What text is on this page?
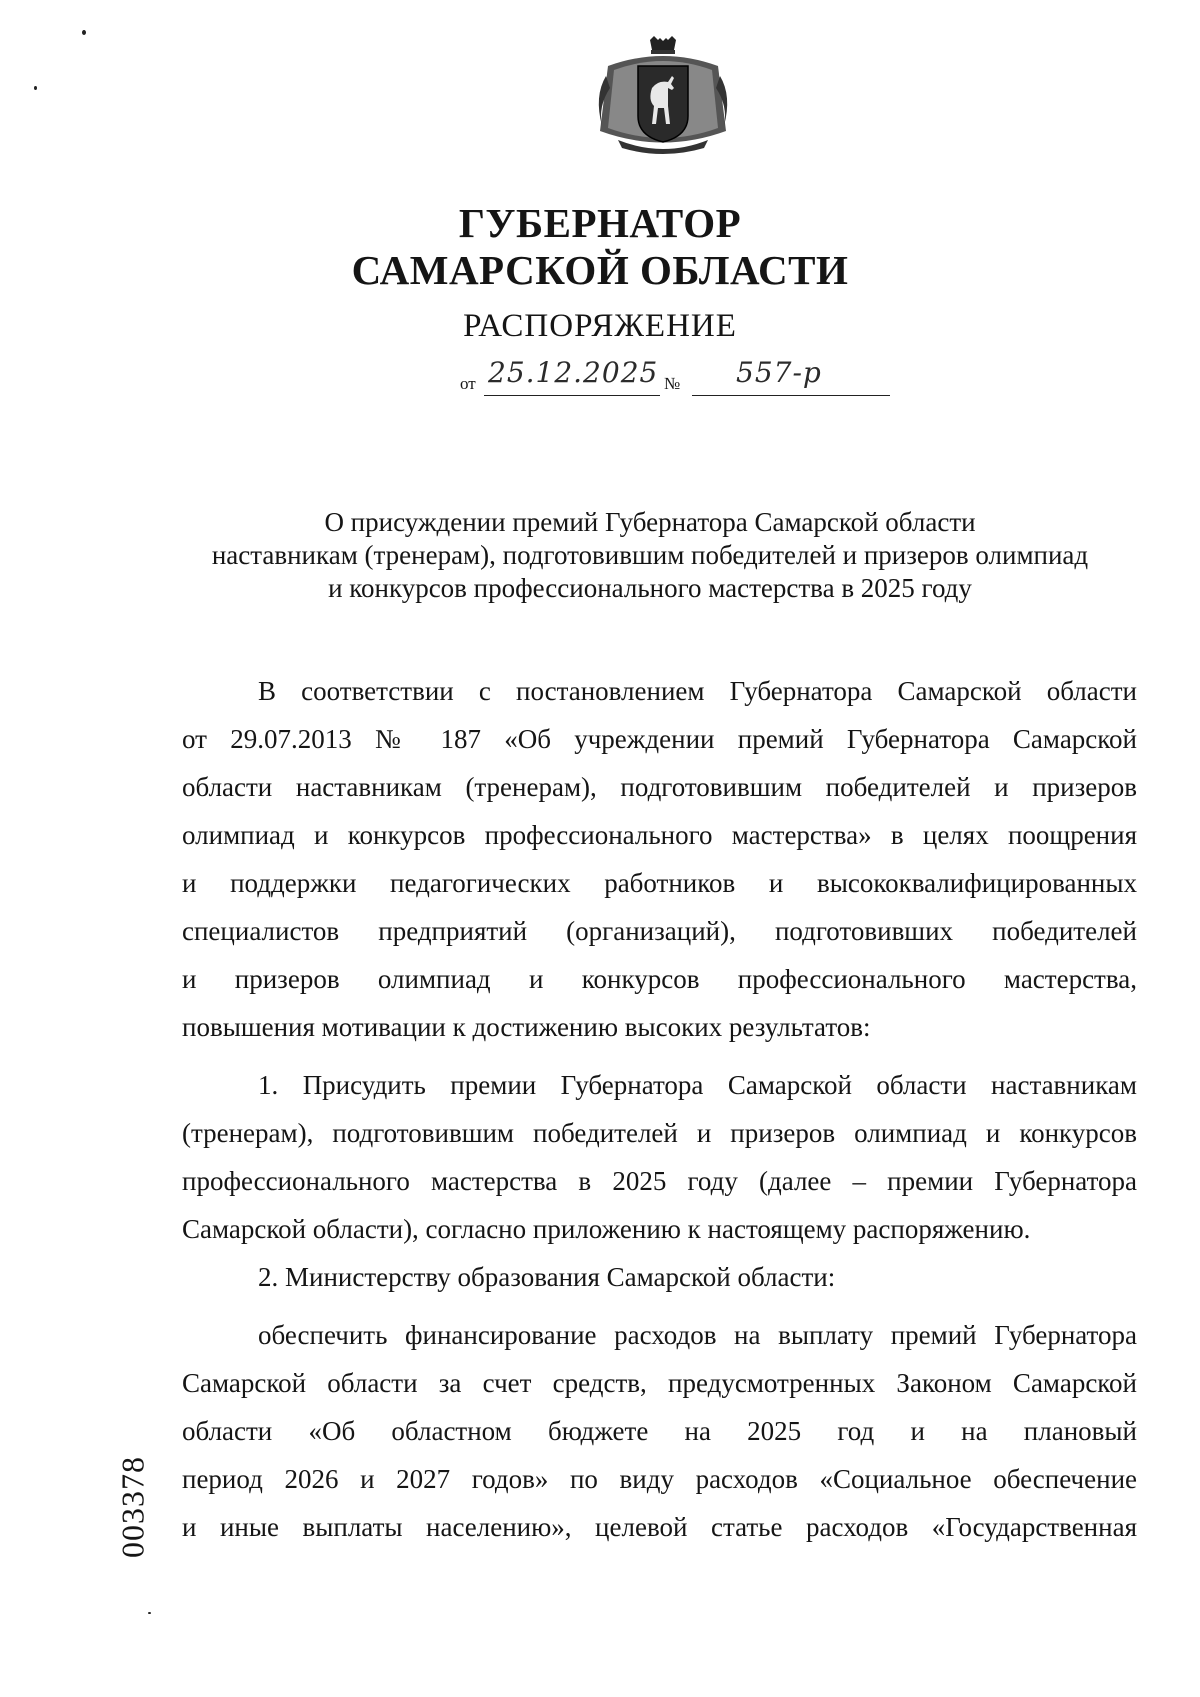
ГУБЕРНАТОР
САМАРСКОЙ ОБЛАСТИ
РАСПОРЯЖЕНИЕ
от 25.12.2025 № 557-р
О присуждении премий Губернатора Самарской области
наставникам (тренерам), подготовившим победителей и призеров олимпиад
и конкурсов профессионального мастерства в 2025 году
В соответствии с постановлением Губернатора Самарской области
от 29.07.2013 № 187 «Об учреждении премий Губернатора Самарской
области наставникам (тренерам), подготовившим победителей и призеров
олимпиад и конкурсов профессионального мастерства» в целях поощрения
и поддержки педагогических работников и высококвалифицированных
специалистов предприятий (организаций), подготовивших победителей
и призеров олимпиад и конкурсов профессионального мастерства,
повышения мотивации к достижению высоких результатов:
1. Присудить премии Губернатора Самарской области наставникам
(тренерам), подготовившим победителей и призеров олимпиад и конкурсов
профессионального мастерства в 2025 году (далее – премии Губернатора
Самарской области), согласно приложению к настоящему распоряжению.
2. Министерству образования Самарской области:
обеспечить финансирование расходов на выплату премий Губернатора
Самарской области за счет средств, предусмотренных Законом Самарской
области «Об областном бюджете на 2025 год и на плановый
период 2026 и 2027 годов» по виду расходов «Социальное обеспечение
и иные выплаты населению», целевой статье расходов «Государственная
003378
